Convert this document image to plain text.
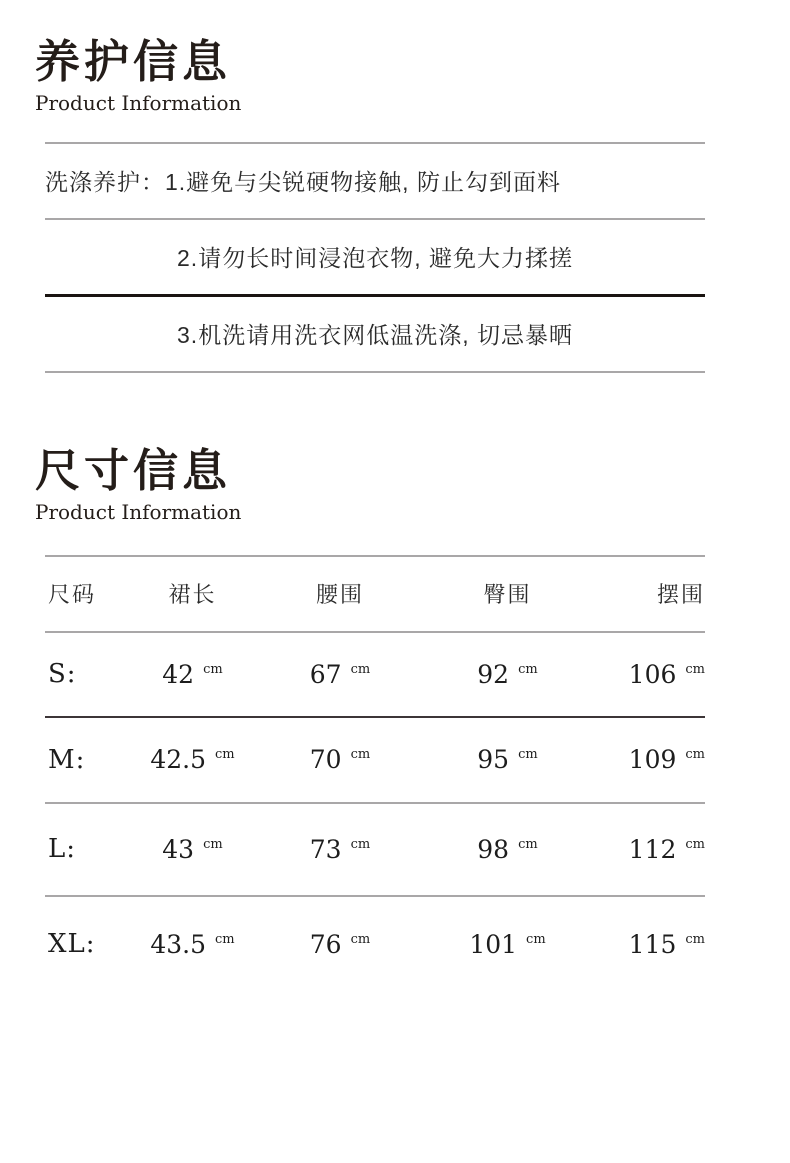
养护信息
Product Information
洗涤养护： 1.避免与尖锐硬物接触, 防止勾到面料
2.请勿长时间浸泡衣物, 避免大力揉搓
3.机洗请用洗衣网低温洗涤, 切忌暴晒
尺寸信息
Product Information
尺码	裙长	腰围	臀围	摆围
S:	42 $^{cm}$	67 $^{cm}$	92 $^{cm}$	106 $^{cm}$
M:	42.5 $^{cm}$	70 $^{cm}$	95 $^{cm}$	109 $^{cm}$
L:	43 $^{cm}$	73 $^{cm}$	98 $^{cm}$	112 $^{cm}$
XL:	43.5 $^{cm}$	76 $^{cm}$	101 $^{cm}$	115 $^{cm}$
